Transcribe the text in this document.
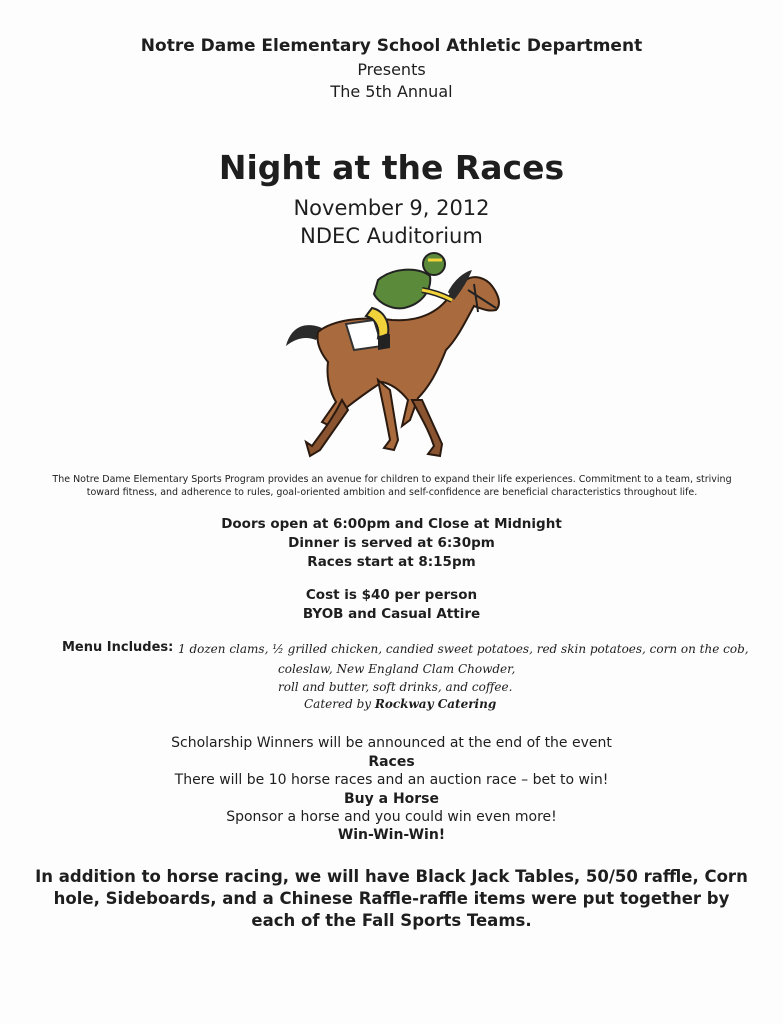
Notre Dame Elementary School Athletic Department
Presents
The 5th Annual
Night at the Races
November 9, 2012
NDEC Auditorium
The Notre Dame Elementary Sports Program provides an avenue for children to expand their life experiences. Commitment to a team, striving toward fitness, and adherence to rules, goal-oriented ambition and self-confidence are beneficial characteristics throughout life.
Doors open at 6:00pm and Close at Midnight
Dinner is served at 6:30pm
Races start at 8:15pm
Cost is $40 per person
BYOB and Casual Attire
Menu Includes: 1 dozen clams, ½ grilled chicken, candied sweet potatoes, red skin potatoes, corn on the cob,
coleslaw, New England Clam Chowder,
roll and butter, soft drinks, and coffee.
Catered by Rockway Catering
Scholarship Winners will be announced at the end of the event
Races
There will be 10 horse races and an auction race – bet to win!
Buy a Horse
Sponsor a horse and you could win even more!
Win-Win-Win!
In addition to horse racing, we will have Black Jack Tables, 50/50 raffle, Corn hole, Sideboards, and a Chinese Raffle-raffle items were put together by each of the Fall Sports Teams.
